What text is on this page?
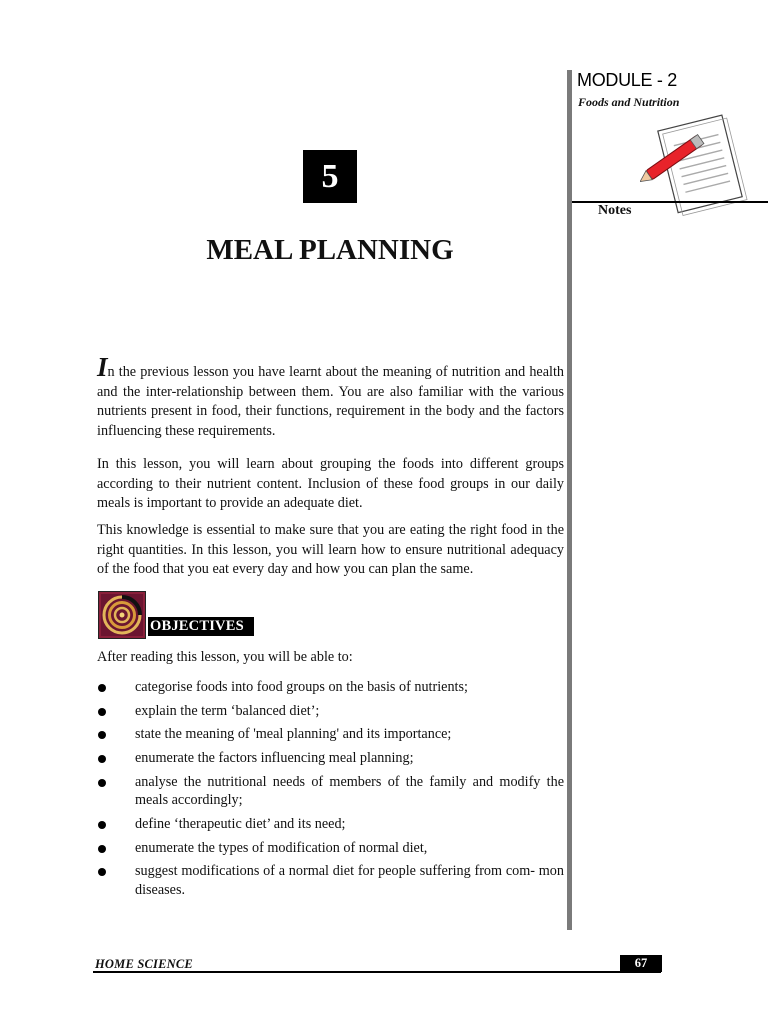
MODULE - 2
Foods and Nutrition
Notes
5
MEAL PLANNING
In the previous lesson you have learnt about the meaning of nutrition and health and the inter-relationship between them. You are also familiar with the various nutrients present in food, their functions, requirement in the body and the factors influencing these requirements.
In this lesson, you will learn about grouping the foods into different groups according to their nutrient content. Inclusion of these food groups in our daily meals is important to provide an adequate diet.
This knowledge is essential to make sure that you are eating the right food in the right quantities. In this lesson, you will learn how to ensure nutritional adequacy of the food that you eat every day and how you can plan the same.
OBJECTIVES
After reading this lesson, you will be able to:
categorise foods into food groups on the basis of nutrients;
explain the term ‘balanced diet’;
state the meaning of 'meal planning' and its importance;
enumerate the factors influencing meal planning;
analyse the nutritional needs of members of the family and modify the meals accordingly;
define ‘therapeutic diet’ and its need;
enumerate the types of modification of normal diet,
suggest modifications of a normal diet for people suffering from com- mon diseases.
HOME SCIENCE	67
